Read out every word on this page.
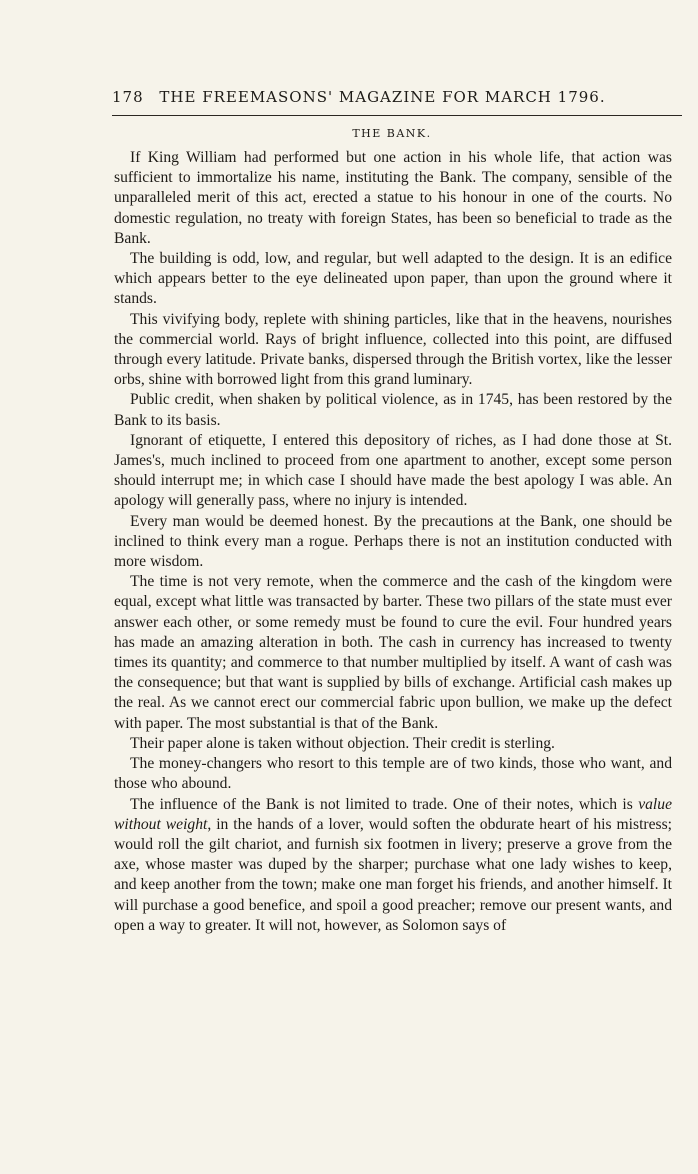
178 THE FREEMASONS' MAGAZINE FOR MARCH 1796.
THE BANK.

If King William had performed but one action in his whole life, that action was sufficient to immortalize his name, instituting the Bank. The company, sensible of the unparalleled merit of this act, erected a statue to his honour in one of the courts. No domestic regulation, no treaty with foreign States, has been so beneficial to trade as the Bank.

The building is odd, low, and regular, but well adapted to the design. It is an edifice which appears better to the eye delineated upon paper, than upon the ground where it stands.

This vivifying body, replete with shining particles, like that in the heavens, nourishes the commercial world. Rays of bright influence, collected into this point, are diffused through every latitude. Private banks, dispersed through the British vortex, like the lesser orbs, shine with borrowed light from this grand luminary.

Public credit, when shaken by political violence, as in 1745, has been restored by the Bank to its basis.

Ignorant of etiquette, I entered this depository of riches, as I had done those at St. James's, much inclined to proceed from one apartment to another, except some person should interrupt me; in which case I should have made the best apology I was able. An apology will generally pass, where no injury is intended.

Every man would be deemed honest. By the precautions at the Bank, one should be inclined to think every man a rogue. Perhaps there is not an institution conducted with more wisdom.

The time is not very remote, when the commerce and the cash of the kingdom were equal, except what little was transacted by barter. These two pillars of the state must ever answer each other, or some remedy must be found to cure the evil. Four hundred years has made an amazing alteration in both. The cash in currency has increased to twenty times its quantity; and commerce to that number multiplied by itself. A want of cash was the consequence; but that want is supplied by bills of exchange. Artificial cash makes up the real. As we cannot erect our commercial fabric upon bullion, we make up the defect with paper. The most substantial is that of the Bank.

Their paper alone is taken without objection. Their credit is sterling.

The money-changers who resort to this temple are of two kinds, those who want, and those who abound.

The influence of the Bank is not limited to trade. One of their notes, which is value without weight, in the hands of a lover, would soften the obdurate heart of his mistress; would roll the gilt chariot, and furnish six footmen in livery; preserve a grove from the axe, whose master was duped by the sharper; purchase what one lady wishes to keep, and keep another from the town; make one man forget his friends, and another himself. It will purchase a good benefice, and spoil a good preacher; remove our present wants, and open a way to greater. It will not, however, as Solomon says of
